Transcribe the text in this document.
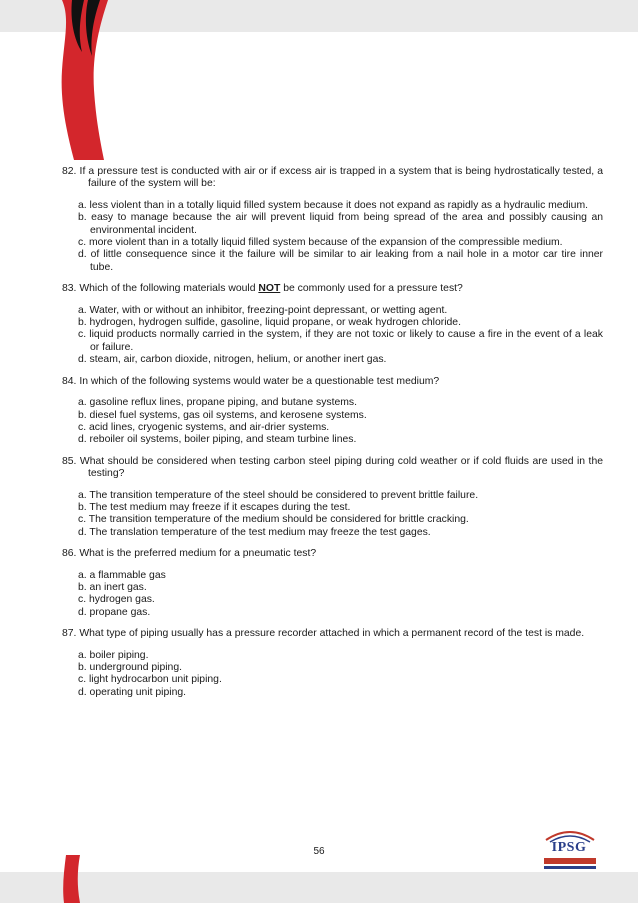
82. If a pressure test is conducted with air or if excess air is trapped in a system that is being hydrostatically tested, a failure of the system will be:

a. less violent than in a totally liquid filled system because it does not expand as rapidly as a hydraulic medium.

b. easy to manage because the air will prevent liquid from being spread of the area and possibly causing an environmental incident.

c. more violent than in a totally liquid filled system because of the expansion of the compressible medium.

d. of little consequence since it the failure will be similar to air leaking from a nail hole in a motor car tire inner tube.

83. Which of the following materials would NOT be commonly used for a pressure test?

a. Water, with or without an inhibitor, freezing-point depressant, or wetting agent.

b. hydrogen, hydrogen sulfide, gasoline, liquid propane, or weak hydrogen chloride.

c. liquid products normally carried in the system, if they are not toxic or likely to cause a fire in the event of a leak or failure.

d. steam, air, carbon dioxide, nitrogen, helium, or another inert gas.

84. In which of the following systems would water be a questionable test medium?

a. gasoline reflux lines, propane piping, and butane systems.

b. diesel fuel systems, gas oil systems, and kerosene systems.

c. acid lines, cryogenic systems, and air-drier systems.

d. reboiler oil systems, boiler piping, and steam turbine lines.

85. What should be considered when testing carbon steel piping during cold weather or if cold fluids are used in the testing?

a. The transition temperature of the steel should be considered to prevent brittle failure.

b. The test medium may freeze if it escapes during the test.

c. The transition temperature of the medium should be considered for brittle cracking.

d. The translation temperature of the test medium may freeze the test gages.

86. What is the preferred medium for a pneumatic test?

a. a flammable gas

b. an inert gas.

c. hydrogen gas.

d. propane gas.

87. What type of piping usually has a pressure recorder attached in which a permanent record of the test is made.

a. boiler piping.

b. underground piping.

c. light hydrocarbon unit piping.

d. operating unit piping.

56	IPSG
